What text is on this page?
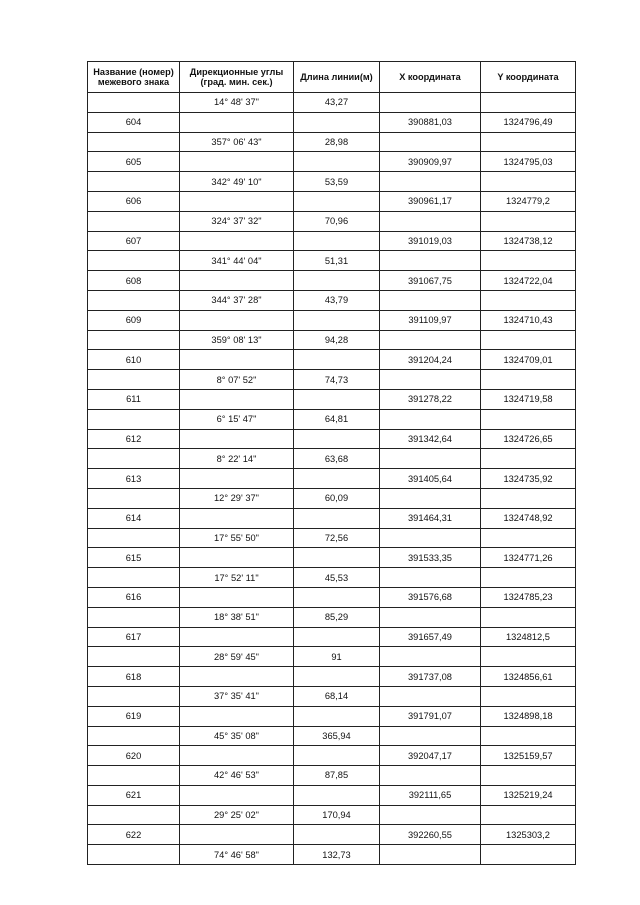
Название (номер) межевого знака	Дирекционные углы (град. мин. сек.)	Длина линии(м)	X координата	Y координата
	14° 48' 37"	43,27		
604			390881,03	1324796,49
	357° 06' 43"	28,98		
605			390909,97	1324795,03
	342° 49' 10"	53,59		
606			390961,17	1324779,2
	324° 37' 32"	70,96		
607			391019,03	1324738,12
	341° 44' 04"	51,31		
608			391067,75	1324722,04
	344° 37' 28"	43,79		
609			391109,97	1324710,43
	359° 08' 13"	94,28		
610			391204,24	1324709,01
	8° 07' 52"	74,73		
611			391278,22	1324719,58
	6° 15' 47"	64,81		
612			391342,64	1324726,65
	8° 22' 14"	63,68		
613			391405,64	1324735,92
	12° 29' 37"	60,09		
614			391464,31	1324748,92
	17° 55' 50"	72,56		
615			391533,35	1324771,26
	17° 52' 11"	45,53		
616			391576,68	1324785,23
	18° 38' 51"	85,29		
617			391657,49	1324812,5
	28° 59' 45"	91		
618			391737,08	1324856,61
	37° 35' 41"	68,14		
619			391791,07	1324898,18
	45° 35' 08"	365,94		
620			392047,17	1325159,57
	42° 46' 53"	87,85		
621			392111,65	1325219,24
	29° 25' 02"	170,94		
622			392260,55	1325303,2
	74° 46' 58"	132,73		
